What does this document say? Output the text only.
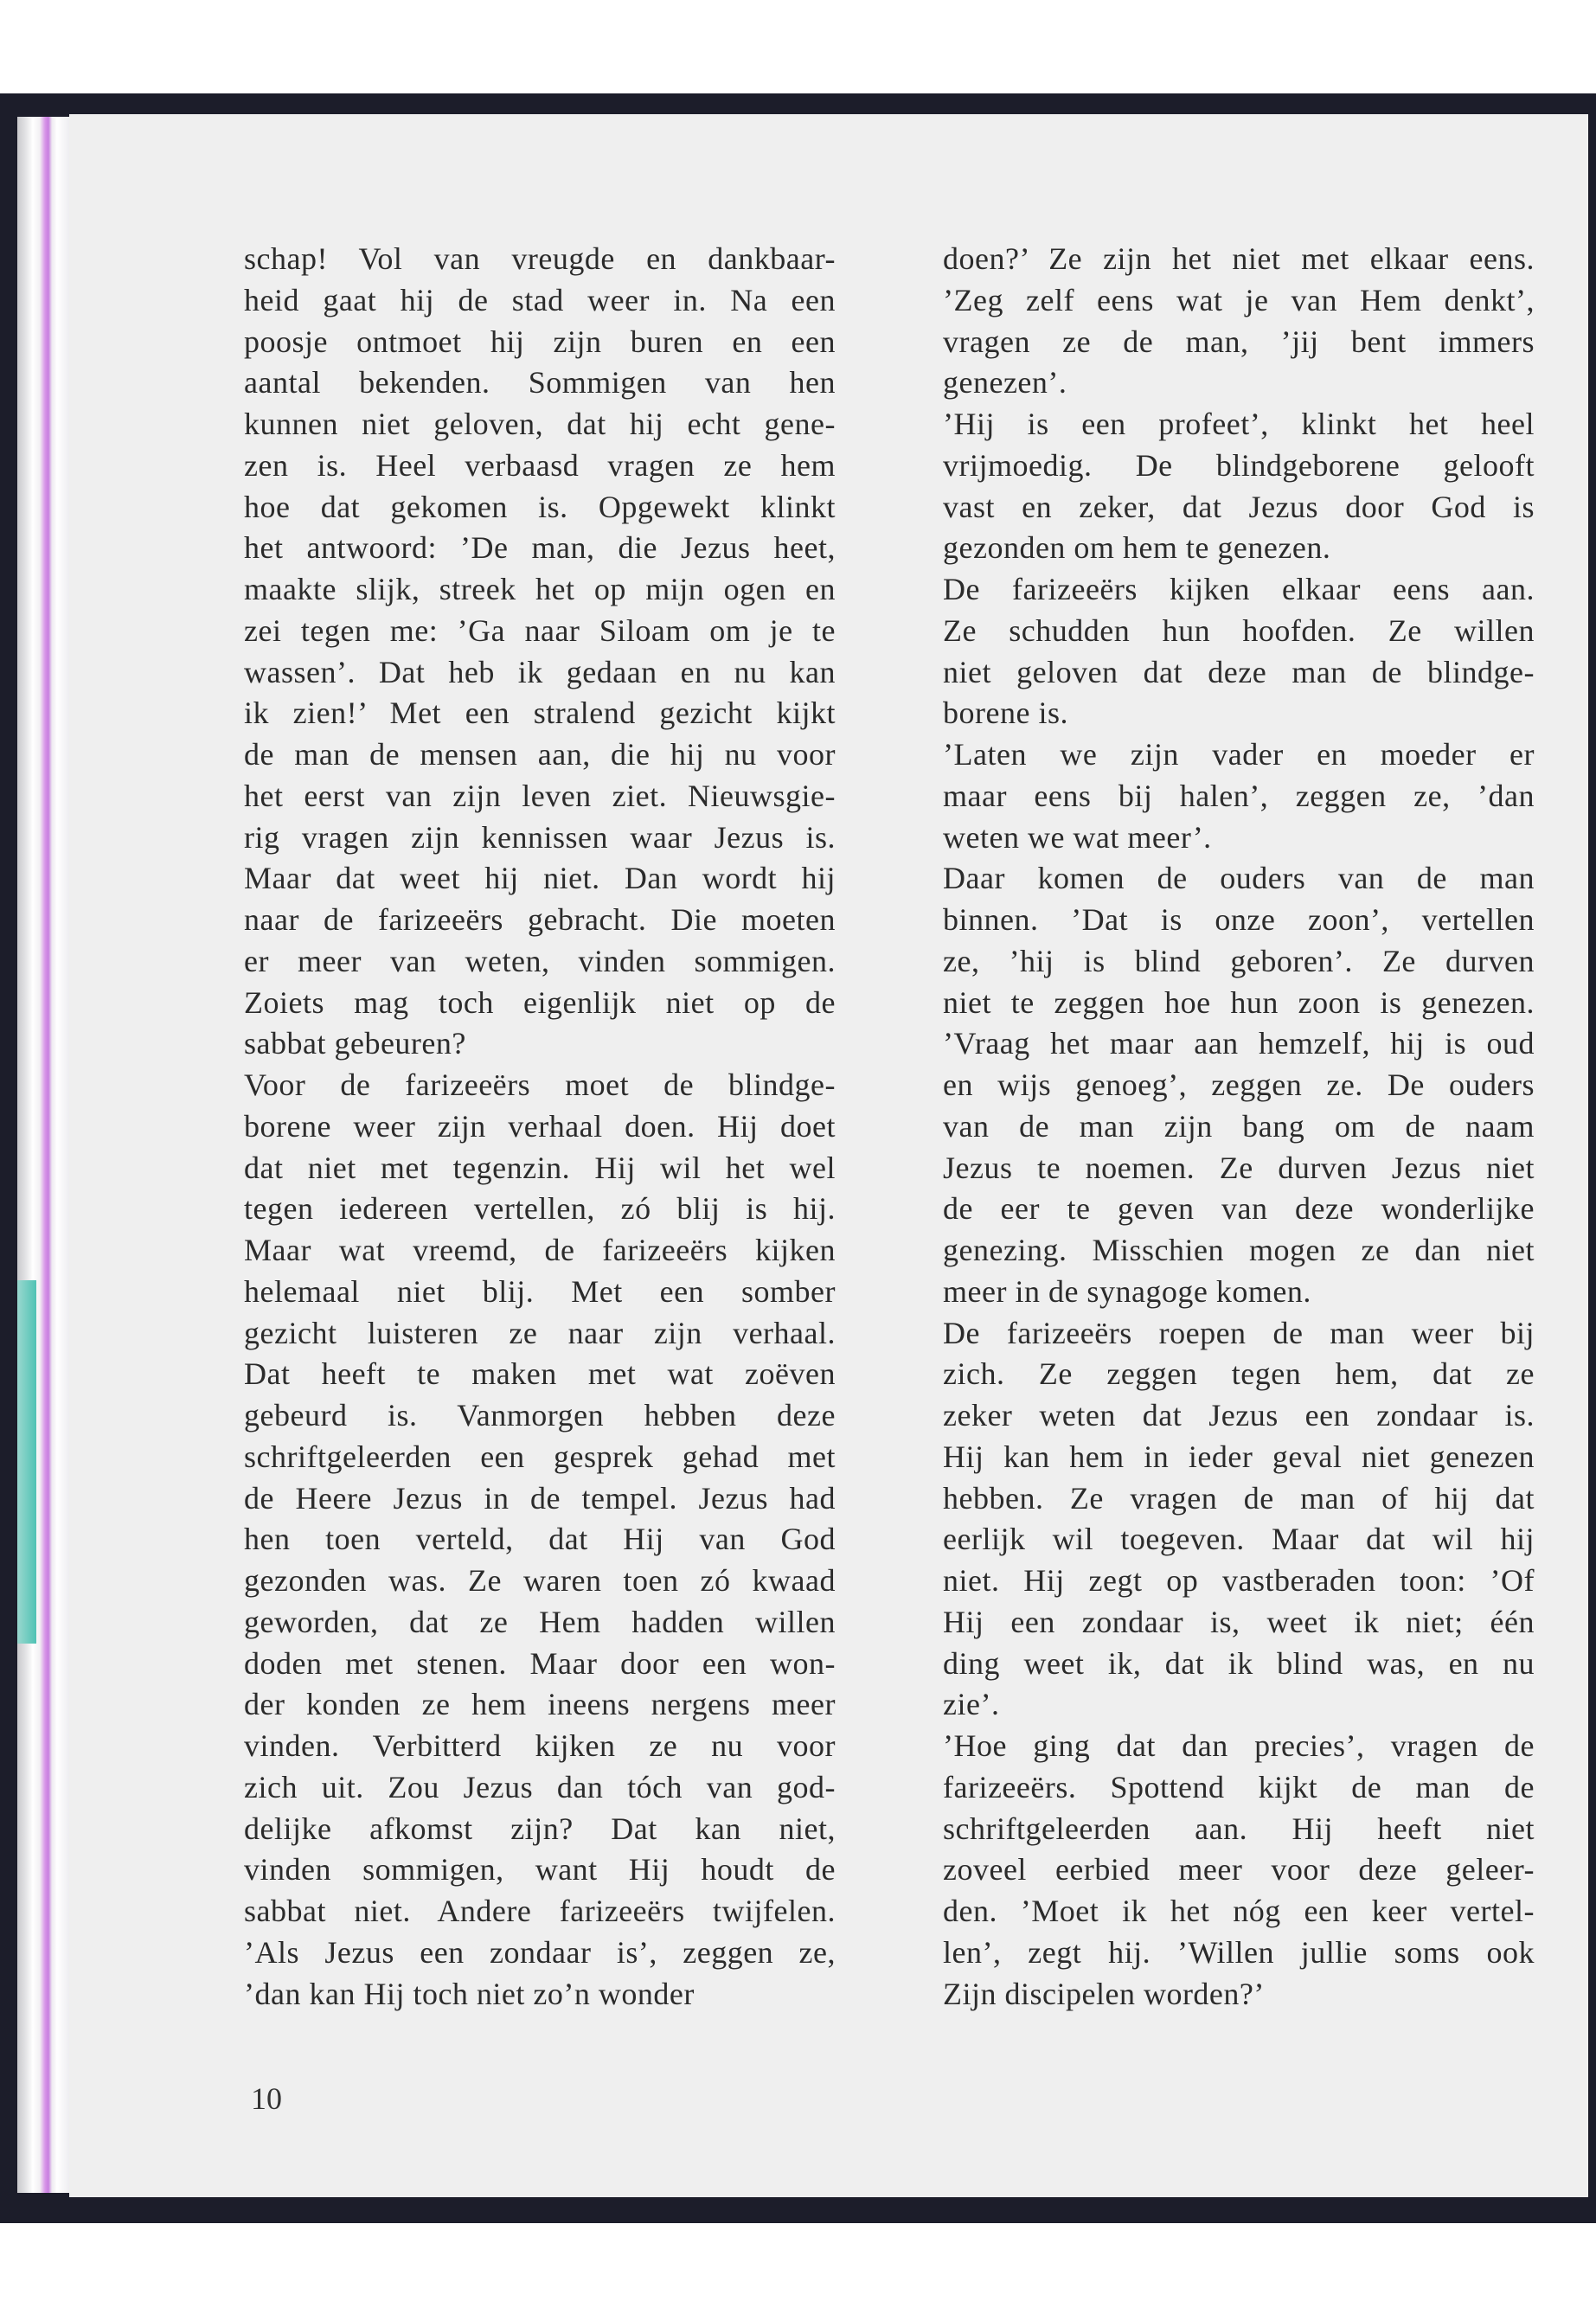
schap! Vol van vreugde en dankbaar-
heid gaat hij de stad weer in. Na een
poosje ontmoet hij zijn buren en een
aantal bekenden. Sommigen van hen
kunnen niet geloven, dat hij echt gene-
zen is. Heel verbaasd vragen ze hem
hoe dat gekomen is. Opgewekt klinkt
het antwoord: ’De man, die Jezus heet,
maakte slijk, streek het op mijn ogen en
zei tegen me: ’Ga naar Siloam om je te
wassen’. Dat heb ik gedaan en nu kan
ik zien!’ Met een stralend gezicht kijkt
de man de mensen aan, die hij nu voor
het eerst van zijn leven ziet. Nieuwsgie-
rig vragen zijn kennissen waar Jezus is.
Maar dat weet hij niet. Dan wordt hij
naar de farizeeërs gebracht. Die moeten
er meer van weten, vinden sommigen.
Zoiets mag toch eigenlijk niet op de
sabbat gebeuren?
Voor de farizeeërs moet de blindge-
borene weer zijn verhaal doen. Hij doet
dat niet met tegenzin. Hij wil het wel
tegen iedereen vertellen, zó blij is hij.
Maar wat vreemd, de farizeeërs kijken
helemaal niet blij. Met een somber
gezicht luisteren ze naar zijn verhaal.
Dat heeft te maken met wat zoëven
gebeurd is. Vanmorgen hebben deze
schriftgeleerden een gesprek gehad met
de Heere Jezus in de tempel. Jezus had
hen toen verteld, dat Hij van God
gezonden was. Ze waren toen zó kwaad
geworden, dat ze Hem hadden willen
doden met stenen. Maar door een won-
der konden ze hem ineens nergens meer
vinden. Verbitterd kijken ze nu voor
zich uit. Zou Jezus dan tóch van god-
delijke afkomst zijn? Dat kan niet,
vinden sommigen, want Hij houdt de
sabbat niet. Andere farizeeërs twijfelen.
’Als Jezus een zondaar is’, zeggen ze,
’dan kan Hij toch niet zo’n wonder
doen?’ Ze zijn het niet met elkaar eens.
’Zeg zelf eens wat je van Hem denkt’,
vragen ze de man, ’jij bent immers
genezen’.
’Hij is een profeet’, klinkt het heel
vrijmoedig. De blindgeborene gelooft
vast en zeker, dat Jezus door God is
gezonden om hem te genezen.
De farizeeërs kijken elkaar eens aan.
Ze schudden hun hoofden. Ze willen
niet geloven dat deze man de blindge-
borene is.
’Laten we zijn vader en moeder er
maar eens bij halen’, zeggen ze, ’dan
weten we wat meer’.
Daar komen de ouders van de man
binnen. ’Dat is onze zoon’, vertellen
ze, ’hij is blind geboren’. Ze durven
niet te zeggen hoe hun zoon is genezen.
’Vraag het maar aan hemzelf, hij is oud
en wijs genoeg’, zeggen ze. De ouders
van de man zijn bang om de naam
Jezus te noemen. Ze durven Jezus niet
de eer te geven van deze wonderlijke
genezing. Misschien mogen ze dan niet
meer in de synagoge komen.
De farizeeërs roepen de man weer bij
zich. Ze zeggen tegen hem, dat ze
zeker weten dat Jezus een zondaar is.
Hij kan hem in ieder geval niet genezen
hebben. Ze vragen de man of hij dat
eerlijk wil toegeven. Maar dat wil hij
niet. Hij zegt op vastberaden toon: ’Of
Hij een zondaar is, weet ik niet; één
ding weet ik, dat ik blind was, en nu
zie’.
’Hoe ging dat dan precies’, vragen de
farizeeërs. Spottend kijkt de man de
schriftgeleerden aan. Hij heeft niet
zoveel eerbied meer voor deze geleer-
den. ’Moet ik het nóg een keer vertel-
len’, zegt hij. ’Willen jullie soms ook
Zijn discipelen worden?’
10
